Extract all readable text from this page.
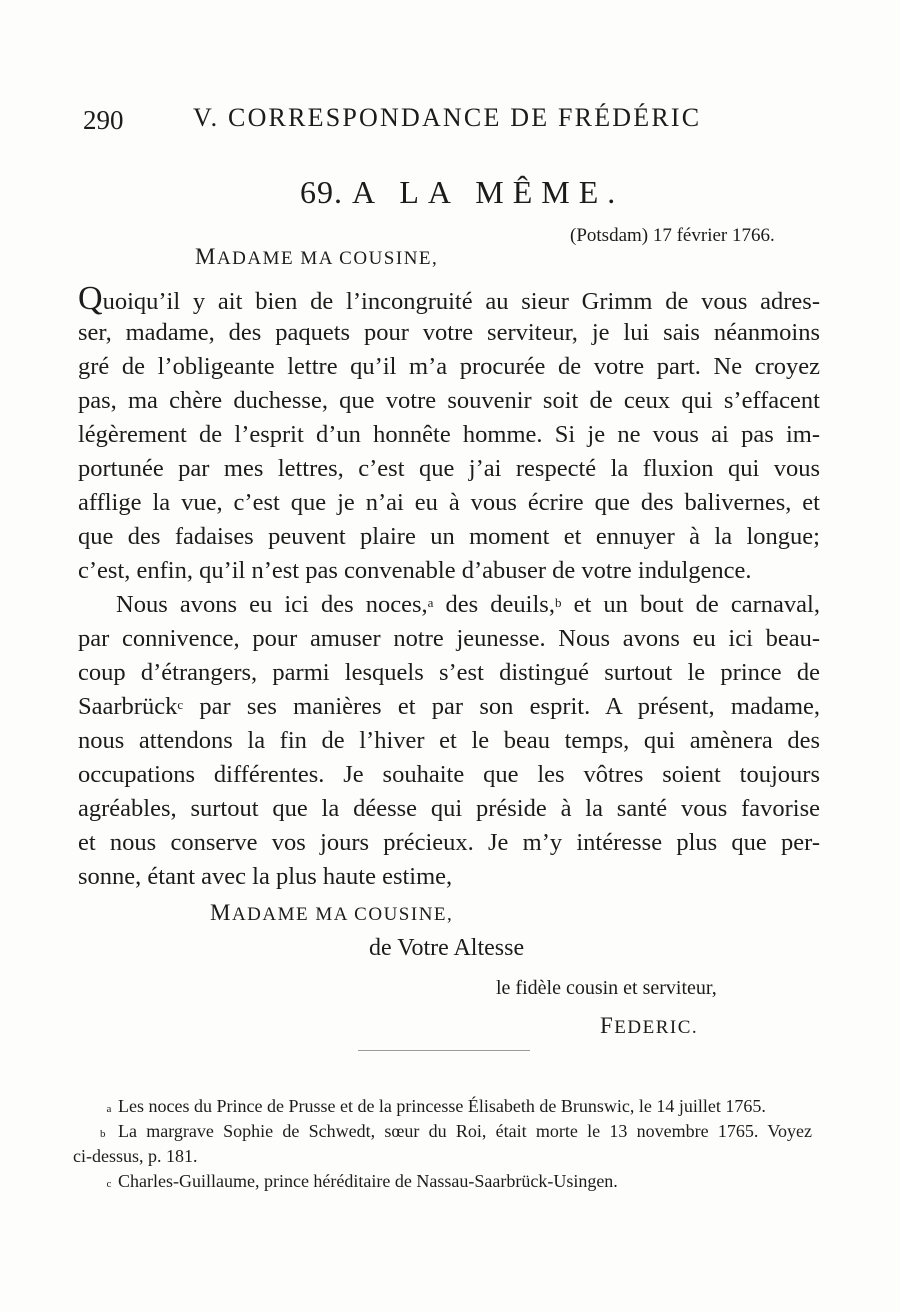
290	V. CORRESPONDANCE DE FRÉDÉRIC
69. A LA MÊME.
(Potsdam) 17 février 1766.
MADAME MA COUSINE,
Quoiqu’il y ait bien de l’incongruité au sieur Grimm de vous adres-
ser, madame, des paquets pour votre serviteur, je lui sais néanmoins
gré de l’obligeante lettre qu’il m’a procurée de votre part. Ne croyez
pas, ma chère duchesse, que votre souvenir soit de ceux qui s’effacent
légèrement de l’esprit d’un honnête homme. Si je ne vous ai pas im-
portunée par mes lettres, c’est que j’ai respecté la fluxion qui vous
afflige la vue, c’est que je n’ai eu à vous écrire que des balivernes, et
que des fadaises peuvent plaire un moment et ennuyer à la longue;
c’est, enfin, qu’il n’est pas convenable d’abuser de votre indulgence.
Nous avons eu ici des noces,$^a$ des deuils,$^b$ et un bout de carnaval,
par connivence, pour amuser notre jeunesse. Nous avons eu ici beau-
coup d’étrangers, parmi lesquels s’est distingué surtout le prince de
Saarbrück$^c$ par ses manières et par son esprit. A présent, madame,
nous attendons la fin de l’hiver et le beau temps, qui amènera des
occupations différentes. Je souhaite que les vôtres soient toujours
agréables, surtout que la déesse qui préside à la santé vous favorise
et nous conserve vos jours précieux. Je m’y intéresse plus que per-
sonne, étant avec la plus haute estime,
MADAME MA COUSINE,
de Votre Altesse
le fidèle cousin et serviteur,
FEDERIC.
a Les noces du Prince de Prusse et de la princesse Élisabeth de Brunswic, le 14 juillet 1765.
b La margrave Sophie de Schwedt, sœur du Roi, était morte le 13 novembre 1765. Voyez
ci-dessus, p. 181.
c Charles-Guillaume, prince héréditaire de Nassau-Saarbrück-Usingen.
